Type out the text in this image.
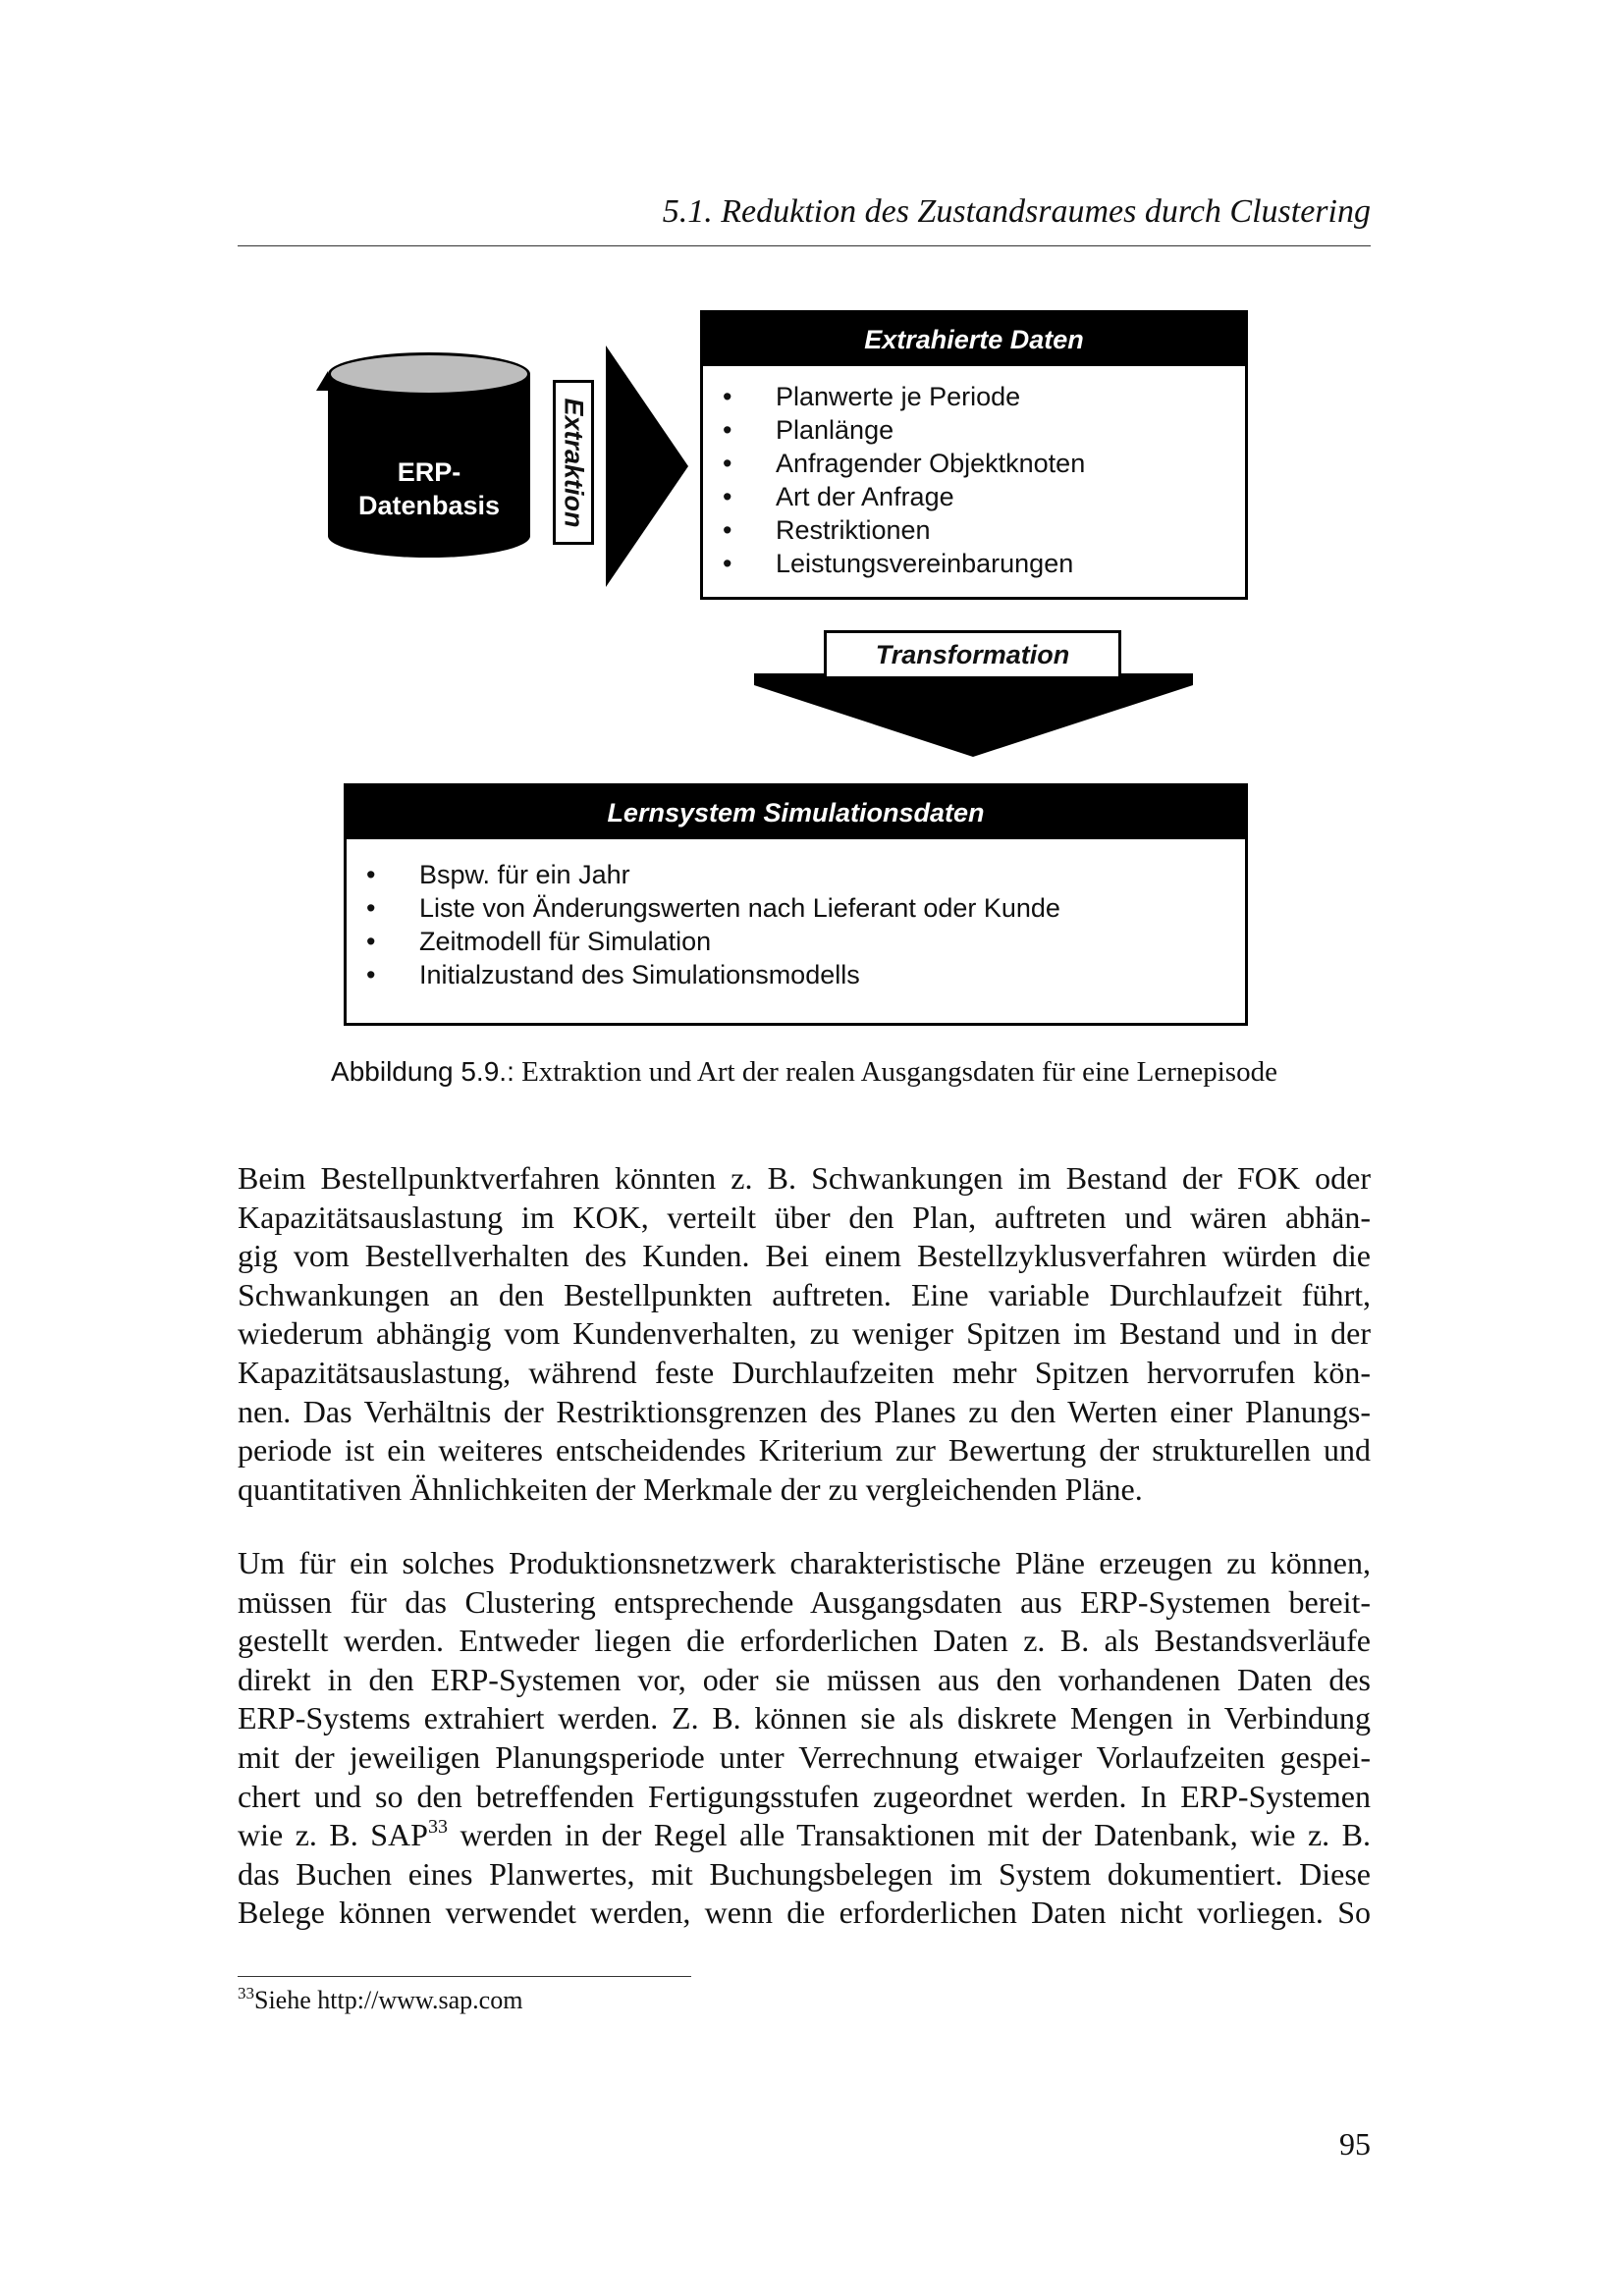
5.1. Reduktion des Zustandsraumes durch Clustering
ERP-
Datenbasis	Extraktion
Extrahierte Daten
• Planwerte je Periode
• Planlänge
• Anfragender Objektknoten
• Art der Anfrage
• Restriktionen
• Leistungsvereinbarungen
Transformation
Lernsystem Simulationsdaten
• Bspw. für ein Jahr
• Liste von Änderungswerten nach Lieferant oder Kunde
• Zeitmodell für Simulation
• Initialzustand des Simulationsmodells
Abbildung 5.9.: Extraktion und Art der realen Ausgangsdaten für eine Lernepisode

Beim Bestellpunktverfahren könnten z. B. Schwankungen im Bestand der FOK oder
Kapazitätsauslastung im KOK, verteilt über den Plan, auftreten und wären abhän-
gig vom Bestellverhalten des Kunden. Bei einem Bestellzyklusverfahren würden die
Schwankungen an den Bestellpunkten auftreten. Eine variable Durchlaufzeit führt,
wiederum abhängig vom Kundenverhalten, zu weniger Spitzen im Bestand und in der
Kapazitätsauslastung, während feste Durchlaufzeiten mehr Spitzen hervorrufen kön-
nen. Das Verhältnis der Restriktionsgrenzen des Planes zu den Werten einer Planungs-
periode ist ein weiteres entscheidendes Kriterium zur Bewertung der strukturellen und
quantitativen Ähnlichkeiten der Merkmale der zu vergleichenden Pläne.

Um für ein solches Produktionsnetzwerk charakteristische Pläne erzeugen zu können,
müssen für das Clustering entsprechende Ausgangsdaten aus ERP-Systemen bereit-
gestellt werden. Entweder liegen die erforderlichen Daten z. B. als Bestandsverläufe
direkt in den ERP-Systemen vor, oder sie müssen aus den vorhandenen Daten des
ERP-Systems extrahiert werden. Z. B. können sie als diskrete Mengen in Verbindung
mit der jeweiligen Planungsperiode unter Verrechnung etwaiger Vorlaufzeiten gespei-
chert und so den betreffenden Fertigungsstufen zugeordnet werden. In ERP-Systemen
wie z. B. SAP$^{33}$ werden in der Regel alle Transaktionen mit der Datenbank, wie z. B.
das Buchen eines Planwertes, mit Buchungsbelegen im System dokumentiert. Diese
Belege können verwendet werden, wenn die erforderlichen Daten nicht vorliegen. So

$^{33}$Siehe http://www.sap.com
95
